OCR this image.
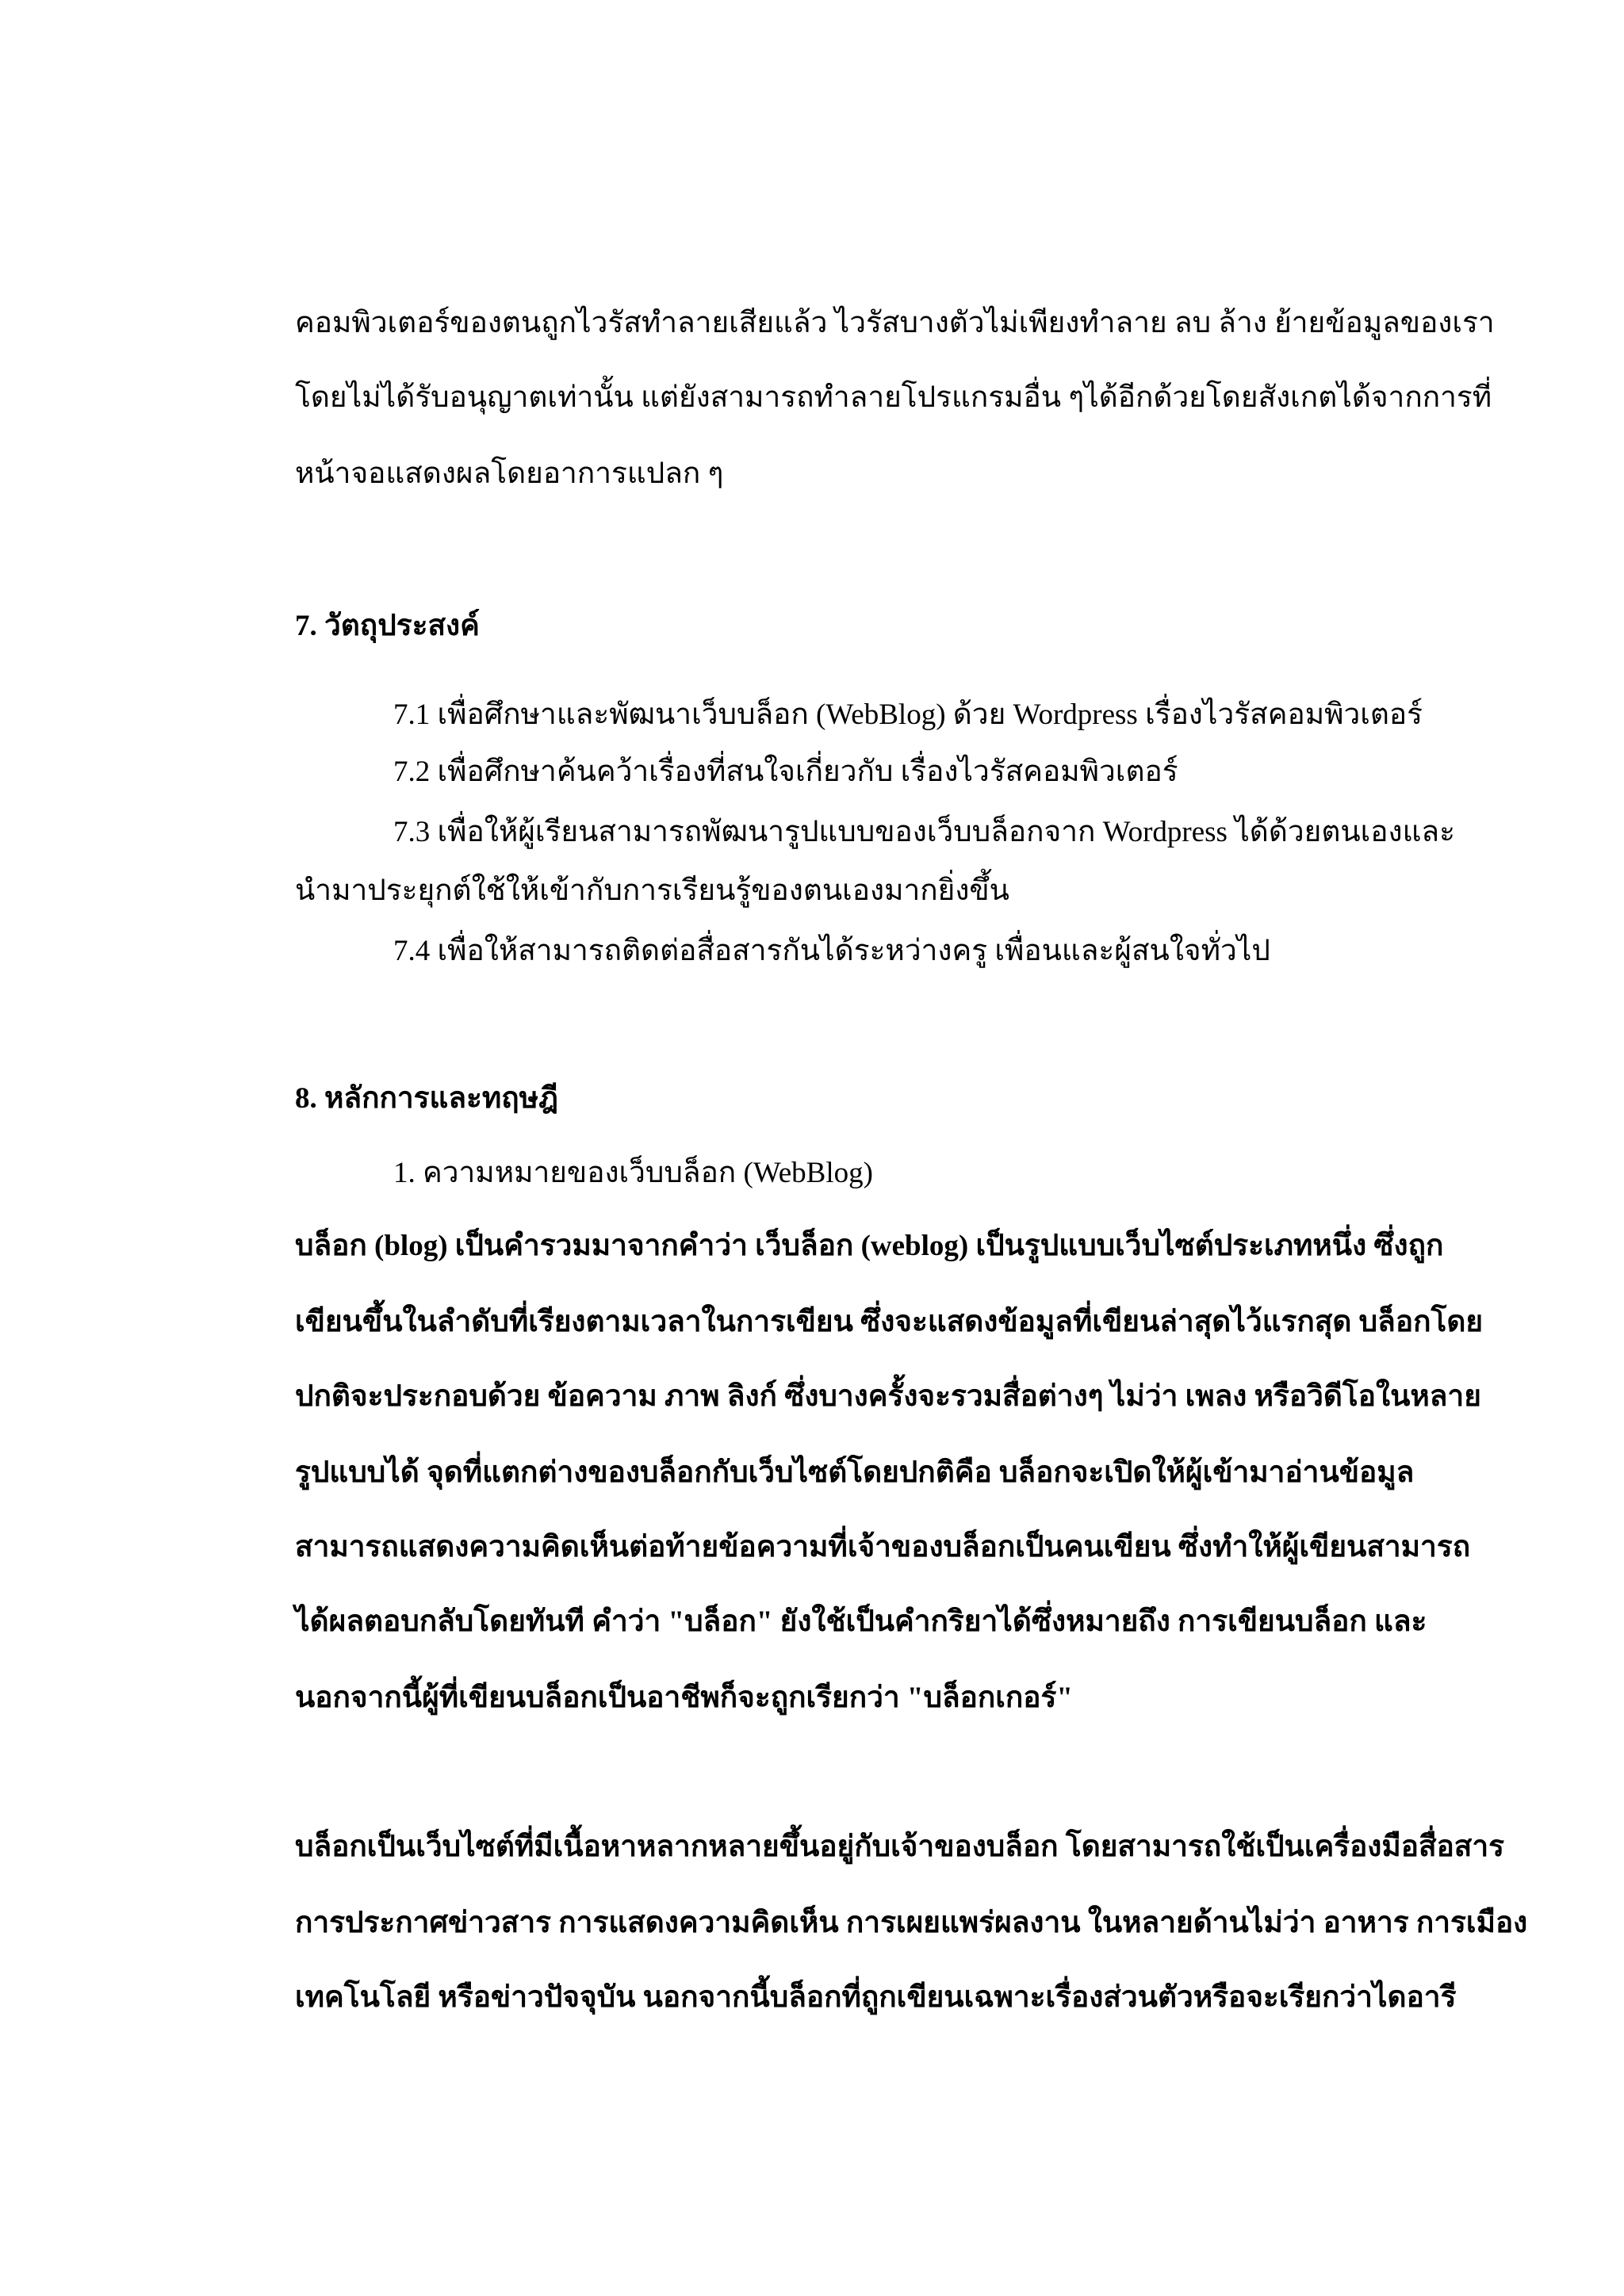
คอมพิวเตอร์ของตนถูกไวรัสทำลายเสียแล้ว ไวรัสบางตัวไม่เพียงทำลาย ลบ ล้าง ย้ายข้อมูลของเรา
โดยไม่ได้รับอนุญาตเท่านั้น แต่ยังสามารถทำลายโปรแกรมอื่น ๆได้อีกด้วยโดยสังเกตได้จากการที่
หน้าจอแสดงผลโดยอาการแปลก ๆ
7. วัตถุประสงค์
7.1 เพื่อศึกษาและพัฒนาเว็บบล็อก (WebBlog) ด้วย Wordpress เรื่องไวรัสคอมพิวเตอร์
7.2 เพื่อศึกษาค้นคว้าเรื่องที่สนใจเกี่ยวกับ เรื่องไวรัสคอมพิวเตอร์
7.3 เพื่อให้ผู้เรียนสามารถพัฒนารูปแบบของเว็บบล็อกจาก Wordpress ได้ด้วยตนเองและ
นำมาประยุกต์ใช้ให้เข้ากับการเรียนรู้ของตนเองมากยิ่งขึ้น
7.4 เพื่อให้สามารถติดต่อสื่อสารกันได้ระหว่างครู เพื่อนและผู้สนใจทั่วไป
8. หลักการและทฤษฎี
1. ความหมายของเว็บบล็อก (WebBlog)
บล็อก (blog) เป็นคำรวมมาจากคำว่า เว็บล็อก (weblog) เป็นรูปแบบเว็บไซต์ประเภทหนึ่ง ซึ่งถูก
เขียนขึ้นในลำดับที่เรียงตามเวลาในการเขียน ซึ่งจะแสดงข้อมูลที่เขียนล่าสุดไว้แรกสุด บล็อกโดย
ปกติจะประกอบด้วย ข้อความ ภาพ ลิงก์ ซึ่งบางครั้งจะรวมสื่อต่างๆ ไม่ว่า เพลง หรือวิดีโอในหลาย
รูปแบบได้ จุดที่แตกต่างของบล็อกกับเว็บไซต์โดยปกติคือ บล็อกจะเปิดให้ผู้เข้ามาอ่านข้อมูล
สามารถแสดงความคิดเห็นต่อท้ายข้อความที่เจ้าของบล็อกเป็นคนเขียน ซึ่งทำให้ผู้เขียนสามารถ
ได้ผลตอบกลับโดยทันที คำว่า "บล็อก" ยังใช้เป็นคำกริยาได้ซึ่งหมายถึง การเขียนบล็อก และ
นอกจากนี้ผู้ที่เขียนบล็อกเป็นอาชีพก็จะถูกเรียกว่า "บล็อกเกอร์"
บล็อกเป็นเว็บไซต์ที่มีเนื้อหาหลากหลายขึ้นอยู่กับเจ้าของบล็อก โดยสามารถใช้เป็นเครื่องมือสื่อสาร
การประกาศข่าวสาร การแสดงความคิดเห็น การเผยแพร่ผลงาน ในหลายด้านไม่ว่า อาหาร การเมือง
เทคโนโลยี หรือข่าวปัจจุบัน นอกจากนี้บล็อกที่ถูกเขียนเฉพาะเรื่องส่วนตัวหรือจะเรียกว่าไดอารี
